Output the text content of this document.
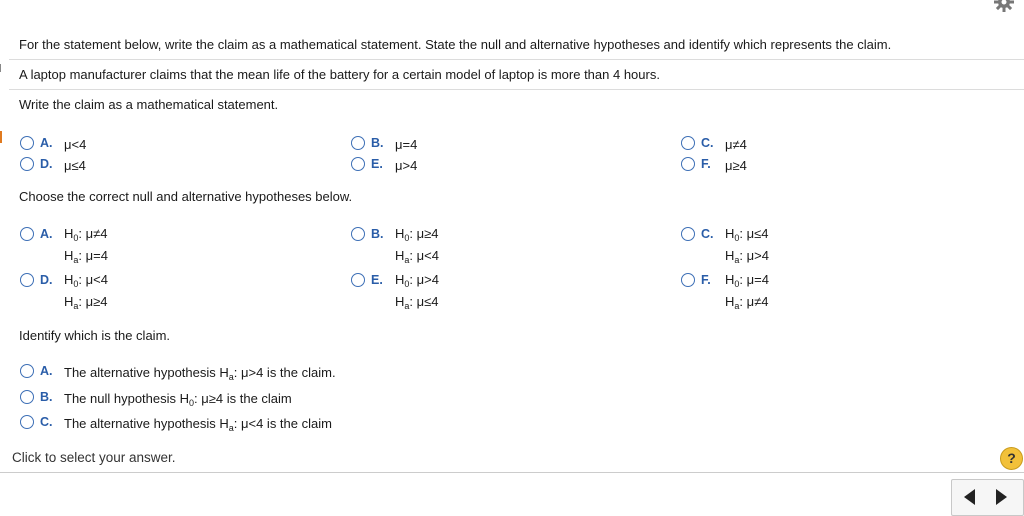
For the statement below, write the claim as a mathematical statement. State the null and alternative hypotheses and identify which represents the claim.
A laptop manufacturer claims that the mean life of the battery for a certain model of laptop is more than 4 hours.
Write the claim as a mathematical statement.
A. μ<4	B. μ=4	C. μ≠4
D. μ≤4	E. μ>4	F.	μ≥4
Choose the correct null and alternative hypotheses below.
A. $H_0$: μ≠4
$H_a$: μ=4
B. $H_0$: μ≥4
$H_a$: μ<4
C. $H_0$: μ≤4
$H_a$: μ>4
D. $H_0$: μ<4
$H_a$: μ≥4
E. $H_0$: μ>4
$H_a$: μ≤4
F.	$H_0$: μ=4
$H_a$: μ≠4
Identify which is the claim.
A. The alternative hypothesis $H_a$: μ>4 is the claim.
B. The null hypothesis $H_0$: μ≥4 is the claim
C. The alternative hypothesis $H_a$: μ<4 is the claim
Click to select your answer.	?
